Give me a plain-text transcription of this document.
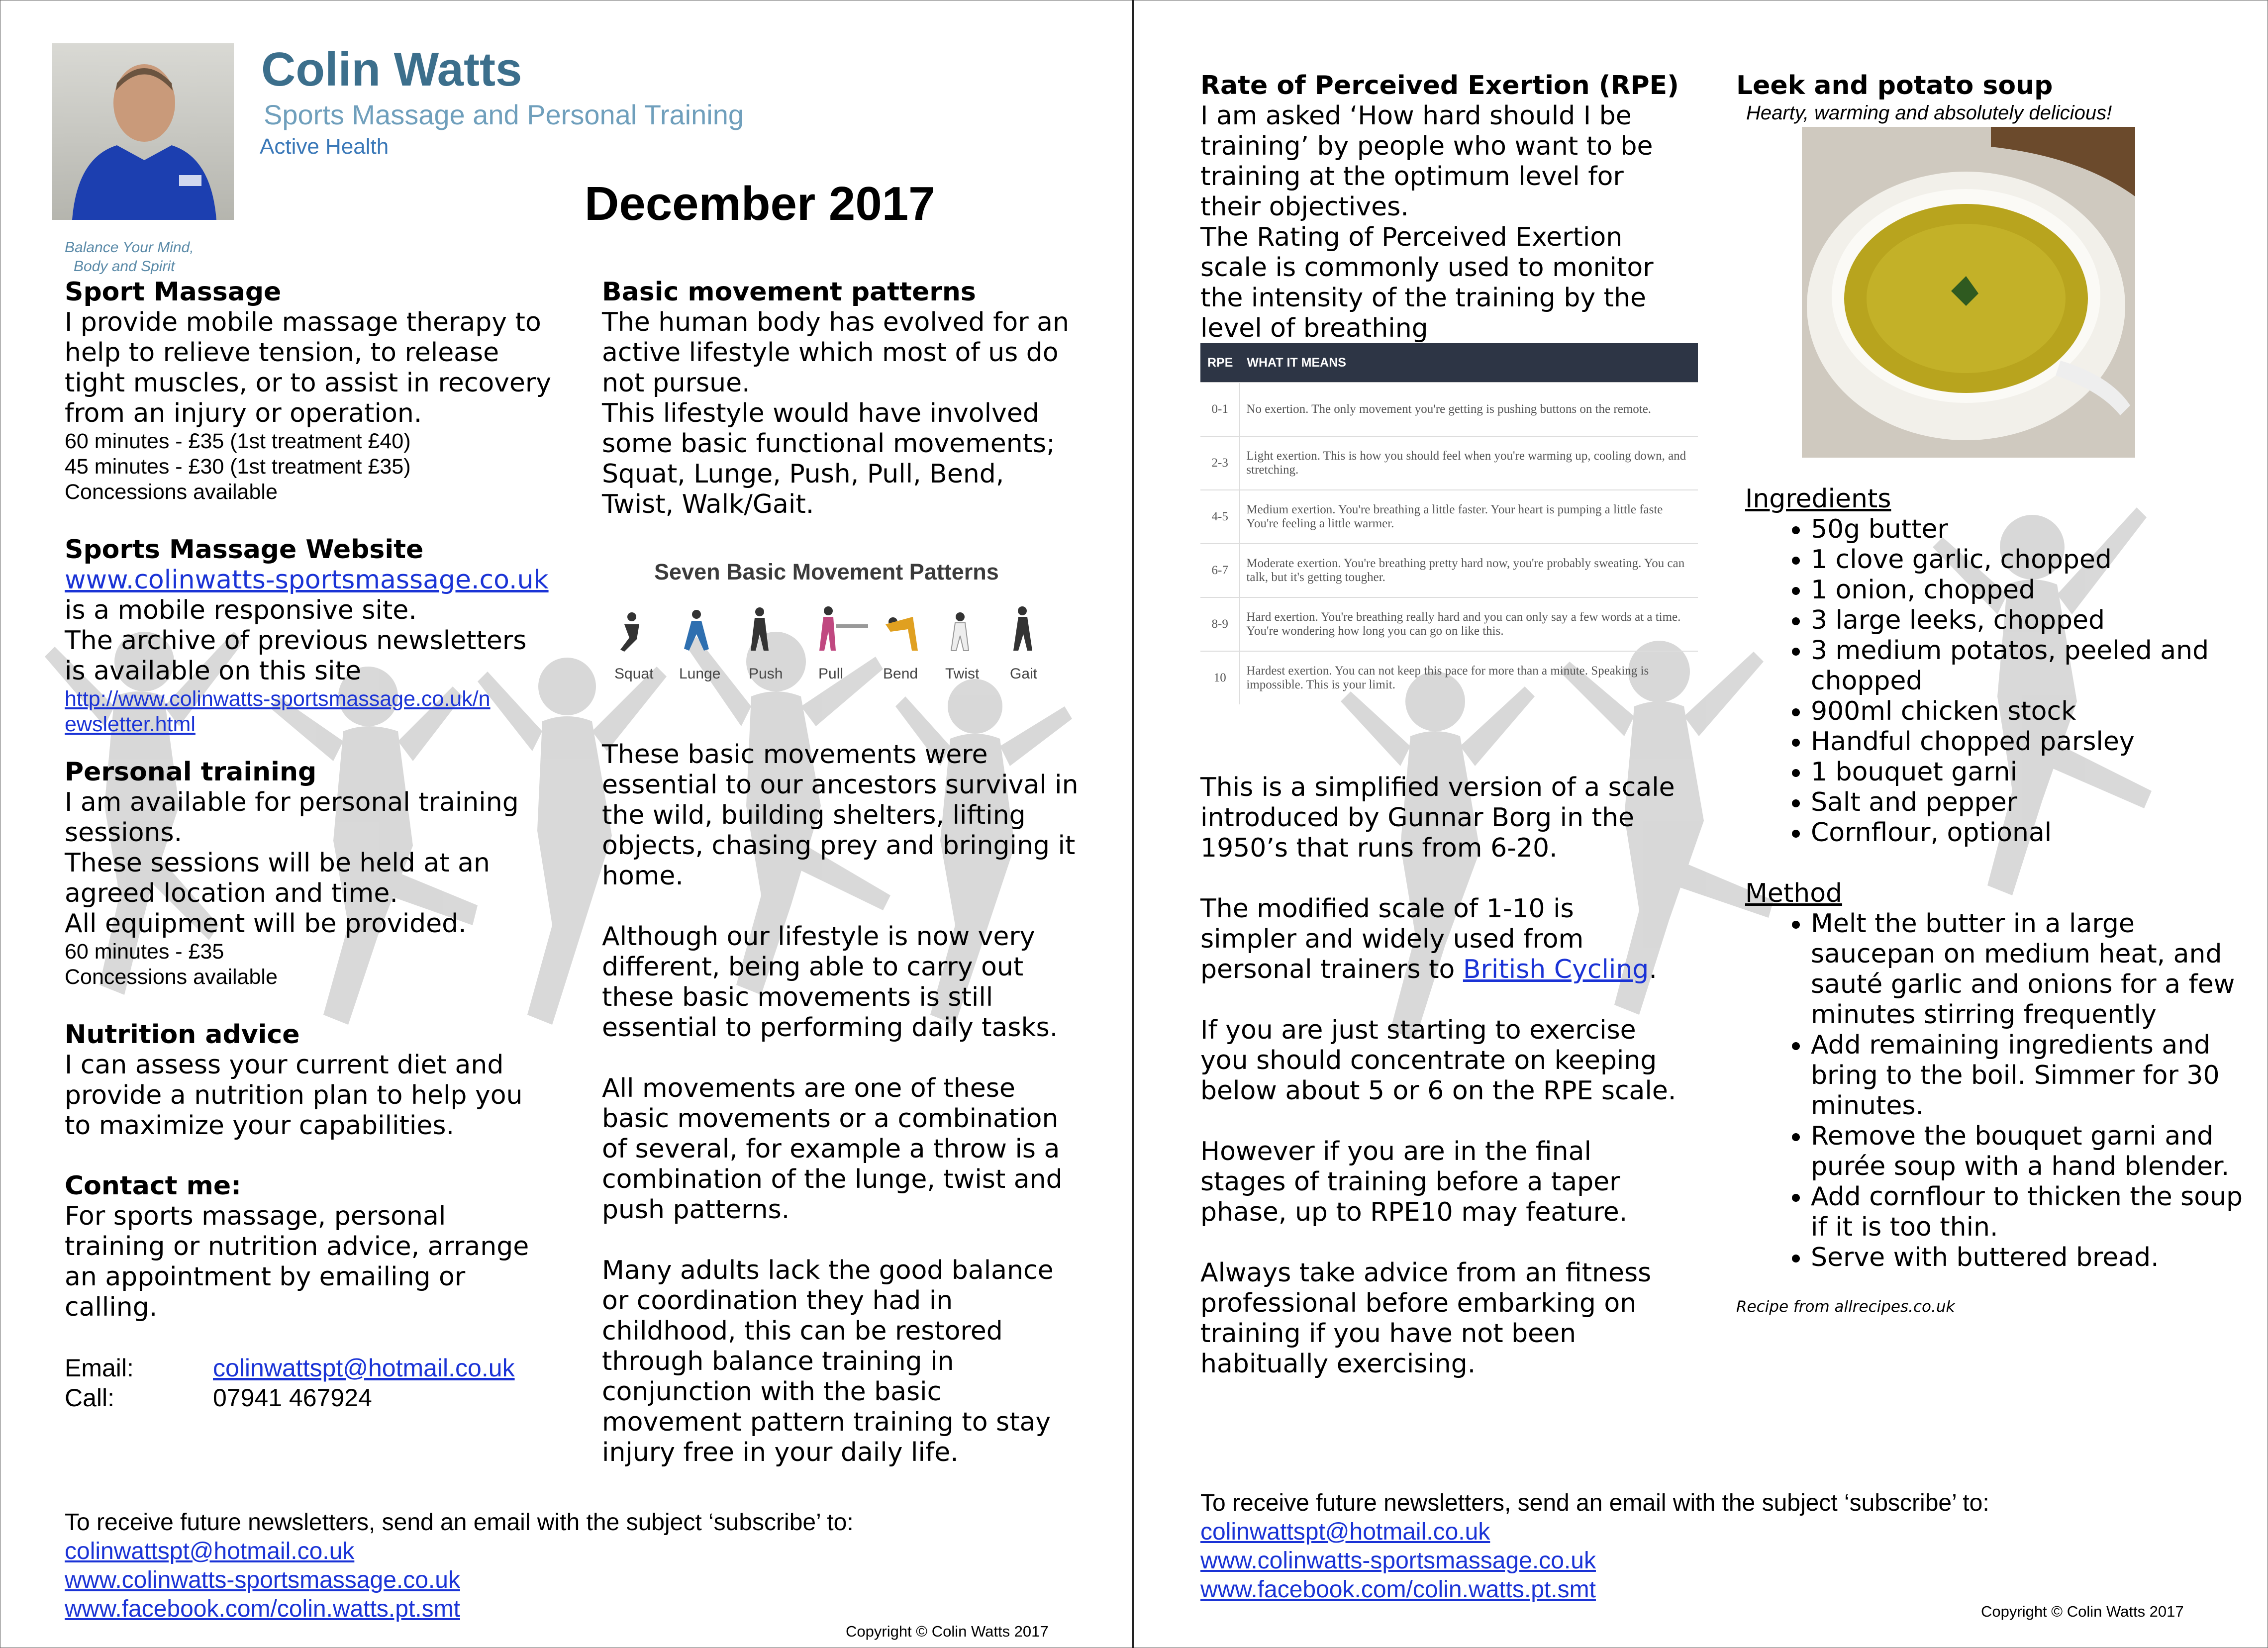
Colin Watts
Sports Massage and Personal Training
Active Health
Balance Your Mind,
Body and Spirit
December 2017
Sport Massage
I provide mobile massage therapy to help to relieve tension, to release tight muscles, or to assist in recovery from an injury or operation.
60 minutes - £35 (1st treatment £40)
45 minutes - £30 (1st treatment £35)
Concessions available
Sports Massage Website
www.colinwatts-sportsmassage.co.uk
is a mobile responsive site.
The archive of previous newsletters is available on this site
http://www.colinwatts-sportsmassage.co.uk/newsletter.html
Personal training
I am available for personal training sessions.
These sessions will be held at an agreed location and time.
All equipment will be provided.
60 minutes - £35
Concessions available
Nutrition advice
I can assess your current diet and provide a nutrition plan to help you to maximize your capabilities.
Contact me:
For sports massage, personal training or nutrition advice, arrange an appointment by emailing or calling.
Email:	colinwattspt@hotmail.co.uk
Call:	07941 467924
Basic movement patterns
The human body has evolved for an active lifestyle which most of us do not pursue.
This lifestyle would have involved some basic functional movements; Squat, Lunge, Push, Pull, Bend, Twist, Walk/Gait.
Seven Basic Movement Patterns
Squat Lunge Push Pull	Bend Twist Gait
These basic movements were essential to our ancestors survival in the wild, building shelters, lifting objects, chasing prey and bringing it home.
Although our lifestyle is now very different, being able to carry out these basic movements is still essential to performing daily tasks.
All movements are one of these basic movements or a combination of several, for example a throw is a combination of the lunge, twist and push patterns.
Many adults lack the good balance or coordination they had in childhood, this can be restored through balance training in conjunction with the basic movement pattern training to stay injury free in your daily life.
To receive future newsletters, send an email with the subject ‘subscribe’ to:
colinwattspt@hotmail.co.uk
www.colinwatts-sportsmassage.co.uk
www.facebook.com/colin.watts.pt.smt
Copyright © Colin Watts 2017
Rate of Perceived Exertion (RPE)
I am asked ‘How hard should I be training’ by people who want to be training at the optimum level for their objectives.
The Rating of Perceived Exertion scale is commonly used to monitor the intensity of the training by the level of breathing
RPE	WHAT IT MEANS
0-1	No exertion. The only movement you're getting is pushing buttons on the remote.
2-3	Light exertion. This is how you should feel when you're warming up, cooling down, and stretching.
4-5	Medium exertion. You're breathing a little faster. Your heart is pumping a little faste You're feeling a little warmer.
6-7	Moderate exertion. You're breathing pretty hard now, you're probably sweating. You can talk, but it's getting tougher.
8-9	Hard exertion. You're breathing really hard and you can only say a few words at a time. You're wondering how long you can go on like this.
10	Hardest exertion. You can not keep this pace for more than a minute. Speaking is impossible. This is your limit.
This is a simplified version of a scale introduced by Gunnar Borg in the 1950’s that runs from 6-20.
The modified scale of 1-10 is simpler and widely used from personal trainers to British Cycling.
If you are just starting to exercise you should concentrate on keeping below about 5 or 6 on the RPE scale.
However if you are in the final stages of training before a taper phase, up to RPE10 may feature.
Always take advice from an fitness professional before embarking on training if you have not been habitually exercising.
Leek and potato soup
Hearty, warming and absolutely delicious!
Ingredients
• 50g butter
• 1 clove garlic, chopped
• 1 onion, chopped
• 3 large leeks, chopped
• 3 medium potatos, peeled and chopped
• 900ml chicken stock
• Handful chopped parsley
• 1 bouquet garni
• Salt and pepper
• Cornflour, optional
Method
• Melt the butter in a large saucepan on medium heat, and sauté garlic and onions for a few minutes stirring frequently
• Add remaining ingredients and bring to the boil. Simmer for 30 minutes.
• Remove the bouquet garni and purée soup with a hand blender.
• Add cornflour to thicken the soup if it is too thin.
• Serve with buttered bread.
Recipe from allrecipes.co.uk
To receive future newsletters, send an email with the subject ‘subscribe’ to:
colinwattspt@hotmail.co.uk
www.colinwatts-sportsmassage.co.uk
www.facebook.com/colin.watts.pt.smt
Copyright © Colin Watts 2017
